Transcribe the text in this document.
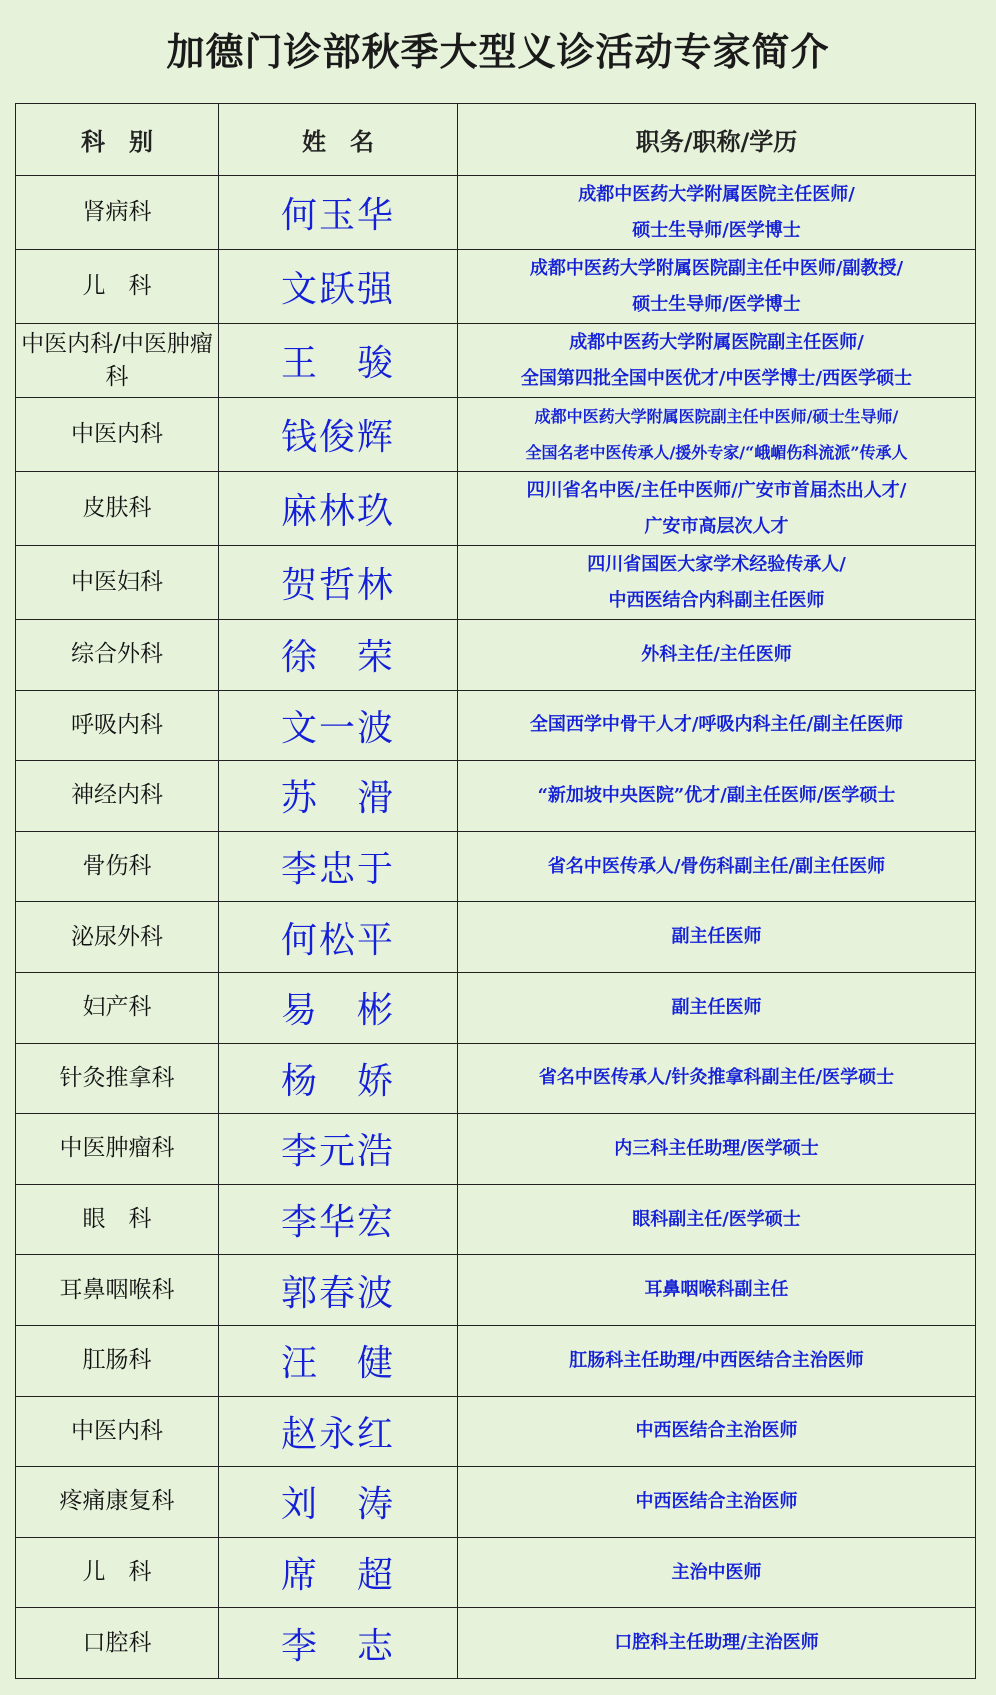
加德门诊部秋季大型义诊活动专家简介
科　别	姓　名	职务/职称/学历
肾病科	何玉华	成都中医药大学附属医院主任医师/
硕士生导师/医学博士

儿　科	文跃强	成都中医药大学附属医院副主任中医师/副教授/
硕士生导师/医学博士

中医内科/中医肿瘤科	王　骏	成都中医药大学附属医院副主任医师/
全国第四批全国中医优才/中医学博士/西医学硕士

中医内科	钱俊辉	成都中医药大学附属医院副主任中医师/硕士生导师/
全国名老中医传承人/援外专家/“峨嵋伤科流派”传承人

皮肤科	麻林玖	四川省名中医/主任中医师/广安市首届杰出人才/
广安市高层次人才

中医妇科	贺哲林	四川省国医大家学术经验传承人/
中西医结合内科副主任医师

综合外科	徐　荣	外科主任/主任医师

呼吸内科	文一波	全国西学中骨干人才/呼吸内科主任/副主任医师

神经内科	苏　滑	“新加坡中央医院”优才/副主任医师/医学硕士

骨伤科	李忠于	省名中医传承人/骨伤科副主任/副主任医师

泌尿外科	何松平	副主任医师

妇产科	易　彬	副主任医师

针灸推拿科	杨　娇	省名中医传承人/针灸推拿科副主任/医学硕士

中医肿瘤科	李元浩	内三科主任助理/医学硕士

眼　科	李华宏	眼科副主任/医学硕士

耳鼻咽喉科	郭春波	耳鼻咽喉科副主任

肛肠科	汪　健	肛肠科主任助理/中西医结合主治医师

中医内科	赵永红	中西医结合主治医师

疼痛康复科	刘　涛	中西医结合主治医师

儿　科	席　超	主治中医师

口腔科	李　志	口腔科主任助理/主治医师
